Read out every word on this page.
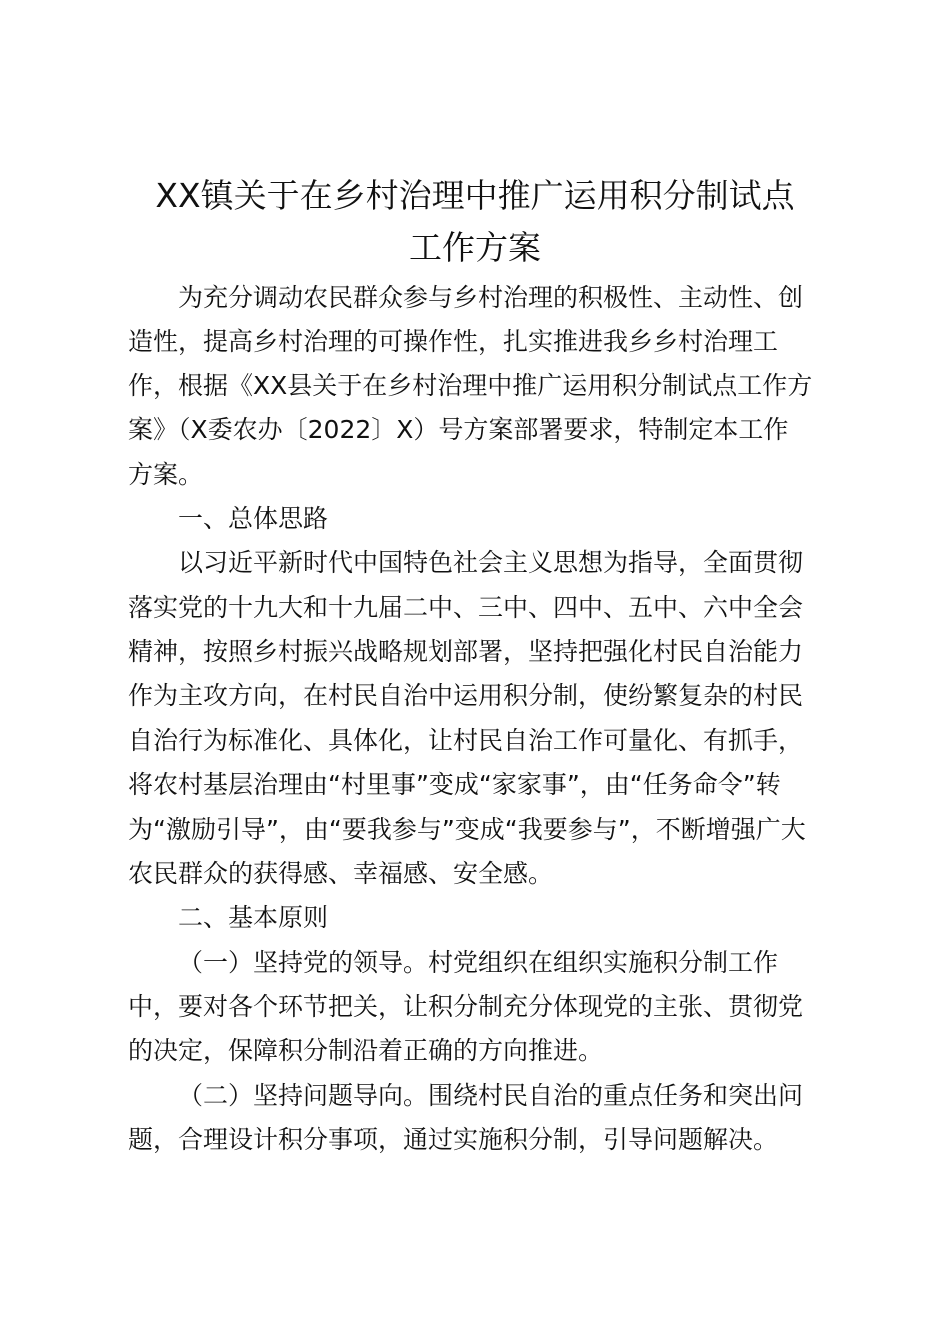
XX镇关于在乡村治理中推广运用积分制试点
工作方案
为充分调动农民群众参与乡村治理的积极性、主动性、创
造性，提高乡村治理的可操作性，扎实推进我乡乡村治理工
作，根据《XX县关于在乡村治理中推广运用积分制试点工作方
案》（X委农办〔2022〕X）号方案部署要求，特制定本工作
方案。
一、总体思路
以习近平新时代中国特色社会主义思想为指导，全面贯彻
落实党的十九大和十九届二中、三中、四中、五中、六中全会
精神，按照乡村振兴战略规划部署，坚持把强化村民自治能力
作为主攻方向，在村民自治中运用积分制，使纷繁复杂的村民
自治行为标准化、具体化，让村民自治工作可量化、有抓手，
将农村基层治理由“村里事”变成“家家事”，由“任务命令”转
为“激励引导”，由“要我参与”变成“我要参与”，不断增强广大
农民群众的获得感、幸福感、安全感。
二、基本原则
（一）坚持党的领导。村党组织在组织实施积分制工作
中，要对各个环节把关，让积分制充分体现党的主张、贯彻党
的决定，保障积分制沿着正确的方向推进。
（二）坚持问题导向。围绕村民自治的重点任务和突出问
题，合理设计积分事项，通过实施积分制，引导问题解决。
